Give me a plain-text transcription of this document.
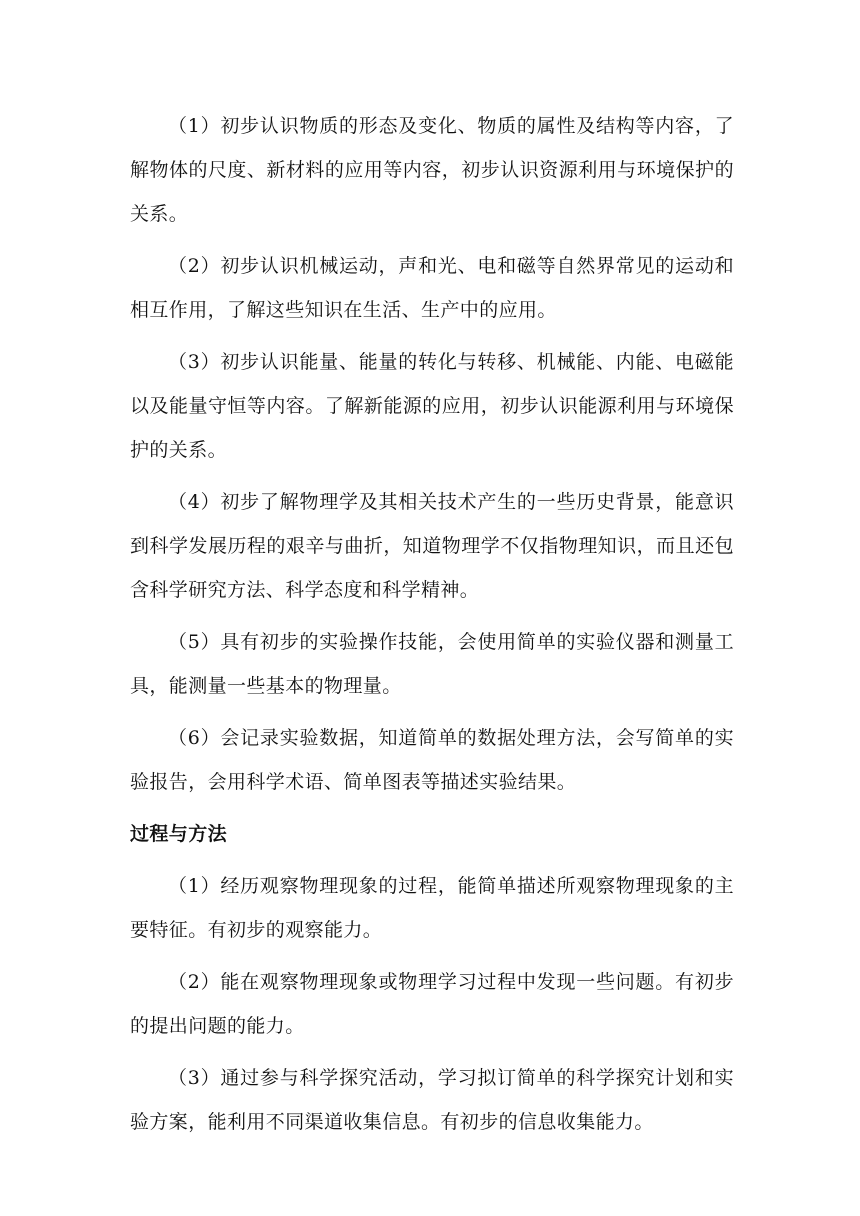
（1）初步认识物质的形态及变化、物质的属性及结构等内容，了解物体的尺度、新材料的应用等内容，初步认识资源利用与环境保护的关系。

（2）初步认识机械运动，声和光、电和磁等自然界常见的运动和相互作用，了解这些知识在生活、生产中的应用。

（3）初步认识能量、能量的转化与转移、机械能、内能、电磁能以及能量守恒等内容。了解新能源的应用，初步认识能源利用与环境保护的关系。

（4）初步了解物理学及其相关技术产生的一些历史背景，能意识到科学发展历程的艰辛与曲折，知道物理学不仅指物理知识，而且还包含科学研究方法、科学态度和科学精神。

（5）具有初步的实验操作技能，会使用简单的实验仪器和测量工具，能测量一些基本的物理量。

（6）会记录实验数据，知道简单的数据处理方法，会写简单的实验报告，会用科学术语、简单图表等描述实验结果。

过程与方法

（1）经历观察物理现象的过程，能简单描述所观察物理现象的主要特征。有初步的观察能力。

（2）能在观察物理现象或物理学习过程中发现一些问题。有初步的提出问题的能力。

（3）通过参与科学探究活动，学习拟订简单的科学探究计划和实验方案，能利用不同渠道收集信息。有初步的信息收集能力。
